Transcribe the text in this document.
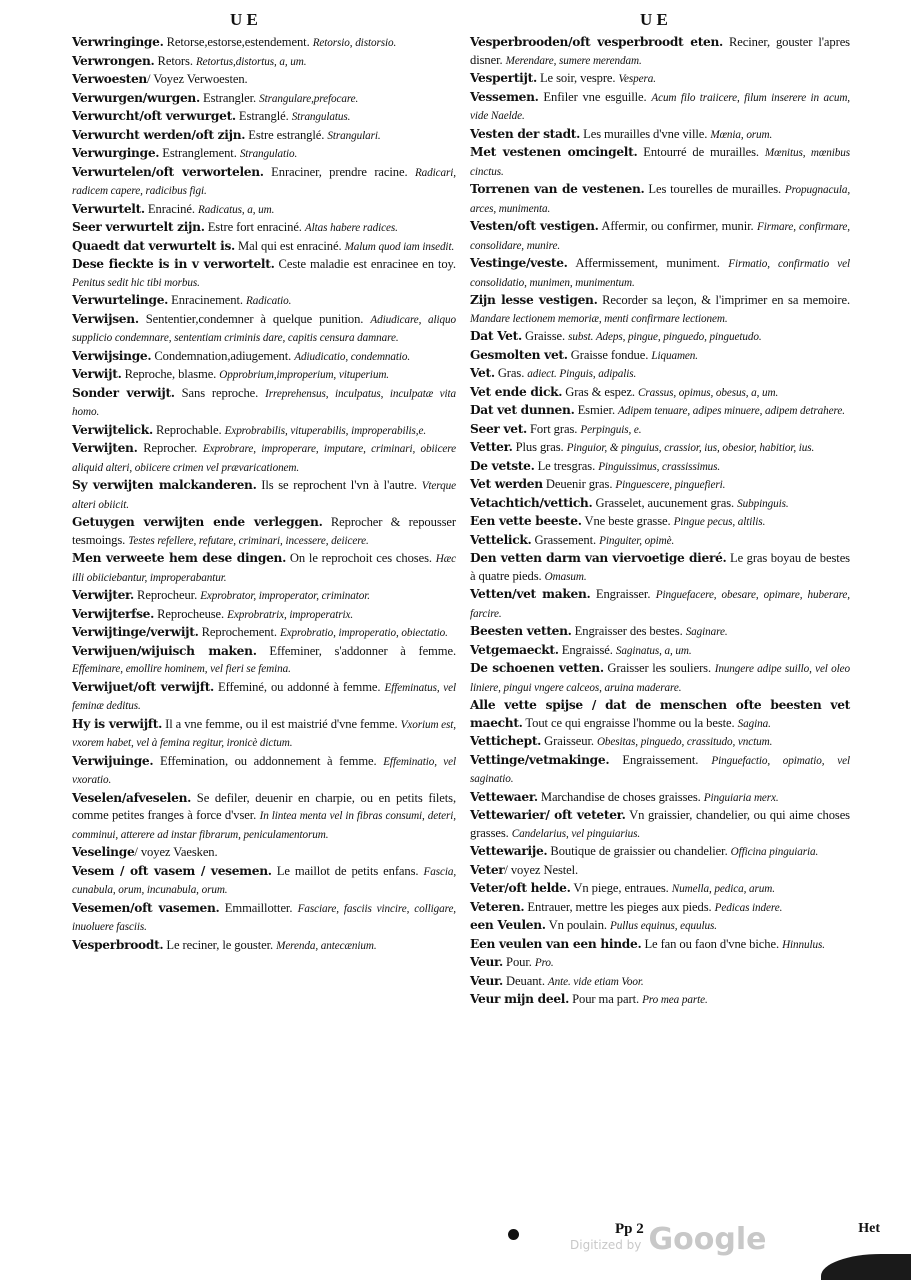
U E	U E

Verwringinge. Retorse,estorse,estendement. Retorsio, distorsio.

Verwrongen. Retors. Retortus,distortus, a, um.

Verwoesten/ Voyez Verwoesten.

Verwurgen/wurgen. Estrangler. Strangulare,prefocare.

Verwurcht/oft verwurget. Estranglé. Strangulatus.

Verwurcht werden/oft zijn. Estre estranglé. Strangulari.

Verwurginge. Estranglement. Strangulatio.

Verwurtelen/oft verwortelen. Enraciner, prendre racine. Radicari, radicem capere, radicibus figi.

Verwurtelt. Enraciné. Radicatus, a, um.

Seer verwurtelt zijn. Estre fort enraciné. Altas habere radices.

Quaedt dat verwurtelt is. Mal qui est enraciné. Malum quod iam insedit.

Dese fieckte is in v verwortelt. Ceste maladie est enracinee en toy. Penitus sedit hic tibi morbus.

Verwurtelinge. Enracinement. Radicatio.

Verwijsen. Sententier,condemner à quelque punition. Adiudicare, aliquo supplicio condemnare, sententiam criminis dare, capitis censura damnare.

Verwijsinge. Condemnation,adiugement. Adiudicatio, condemnatio.

Verwijt. Reproche, blasme. Opprobrium,improperium, vituperium.

Sonder verwijt. Sans reproche. Irreprehensus, inculpatus, inculpatæ vita homo.

Verwijtelick. Reprochable. Exprobrabilis, vituperabilis, improperabilis,e.

Verwijten. Reprocher. Exprobrare, improperare, imputare, criminari, obiicere aliquid alteri, obiicere crimen vel prævaricationem.

Sy verwijten malckanderen. Ils se reprochent l'vn à l'autre. Vterque alteri obiicit.

Getuygen verwijten ende verleggen. Reprocher & repousser tesmoings. Testes refellere, refutare, criminari, incessere, deiicere.

Men verweete hem dese dingen. On le reprochoit ces choses. Hæc illi obiiciebantur, improperabantur.

Verwijter. Reprocheur. Exprobrator, improperator, criminator.

Verwijterfse. Reprocheuse. Exprobratrix, improperatrix.

Verwijtinge/verwijt. Reprochement. Exprobratio, improperatio, obiectatio.

Verwijuen/wijuisch maken. Effeminer, s'addonner à femme. Effeminare, emollire hominem, vel fieri se femina.

Verwijuet/oft verwijft. Effeminé, ou addonné à femme. Effeminatus, vel feminæ deditus.

Hy is verwijft. Il a vne femme, ou il est maistrié d'vne femme. Vxorium est, vxorem habet, vel à femina regitur, ironicè dictum.

Verwijuinge. Effemination, ou addonnement à femme. Effeminatio, vel vxoratio.

Veselen/afveselen. Se defiler, deuenir en charpie, ou en petits filets, comme petites franges à force d'vser. In lintea menta vel in fibras consumi, deteri, comminui, atterere ad instar fibrarum, peniculamentorum.

Veselinge/ voyez Vaesken.

Vesem / oft vasem / vesemen. Le maillot de petits enfans. Fascia, cunabula, orum, incunabula, orum.

Vesemen/oft vasemen. Emmaillotter. Fasciare, fasciis vincire, colligare, inuoluere fasciis.

Vesperbroodt. Le reciner, le gouster. Merenda, antecænium.

Vesperbrooden/oft vesperbroodt eten. Reciner, gouster l'apres disner. Merendare, sumere merendam.

Vespertijt. Le soir, vespre. Vespera.

Vessemen. Enfiler vne esguille. Acum filo traiicere, filum inserere in acum, vide Naelde.

Vesten der stadt. Les murailles d'vne ville. Mœnia, orum.

Met vestenen omcingelt. Entourré de murailles. Mœnitus, mœnibus cinctus.

Torrenen van de vestenen. Les tourelles de murailles. Propugnacula, arces, munimenta.

Vesten/oft vestigen. Affermir, ou confirmer, munir. Firmare, confirmare, consolidare, munire.

Vestinge/veste. Affermissement, muniment. Firmatio, confirmatio vel consolidatio, munimen, munimentum.

Zijn lesse vestigen. Recorder sa leçon, & l'imprimer en sa memoire. Mandare lectionem memoriæ, menti confirmare lectionem.

Dat Vet. Graisse. subst. Adeps, pingue, pinguedo, pinguetudo.

Gesmolten vet. Graisse fondue. Liquamen.

Vet. Gras. adiect. Pinguis, adipalis.

Vet ende dick. Gras & espez. Crassus, opimus, obesus, a, um.

Dat vet dunnen. Esmier. Adipem tenuare, adipes minuere, adipem detrahere.

Seer vet. Fort gras. Perpinguis, e.

Vetter. Plus gras. Pinguior, & pinguius, crassior, ius, obesior, habitior, ius.

De vetste. Le tresgras. Pinguissimus, crassissimus.

Vet werden Deuenir gras. Pinguescere, pinguefieri.

Vetachtich/vettich. Grasselet, aucunement gras. Subpinguis.

Een vette beeste. Vne beste grasse. Pingue pecus, altilis.

Vettelick. Grassement. Pinguiter, opimè.

Den vetten darm van viervoetige dieré. Le gras boyau de bestes à quatre pieds. Omasum.

Vetten/vet maken. Engraisser. Pinguefacere, obesare, opimare, huberare, farcire.

Beesten vetten. Engraisser des bestes. Saginare.

Vetgemaeckt. Engraissé. Saginatus, a, um.

De schoenen vetten. Graisser les souliers. Inungere adipe suillo, vel oleo liniere, pingui vngere calceos, aruina maderare.

Alle vette spijse / dat de menschen ofte beesten vet maecht. Tout ce qui engraisse l'homme ou la beste. Sagina.

Vettichept. Graisseur. Obesitas, pinguedo, crassitudo, vnctum.

Vettinge/vetmakinge. Engraissement. Pinguefactio, opimatio, vel saginatio.

Vettewaer. Marchandise de choses graisses. Pinguiaria merx.

Vettewarier/ oft veteter. Vn graissier, chandelier, ou qui aime choses grasses. Candelarius, vel pinguiarius.

Vettewarije. Boutique de graissier ou chandelier. Officina pinguiaria.

Veter/ voyez Nestel.

Veter/oft helde. Vn piege, entraues. Numella, pedica, arum.

Veteren. Entrauer, mettre les pieges aux pieds. Pedicas indere.

een Veulen. Vn poulain. Pullus equinus, equulus.

Een veulen van een hinde. Le fan ou faon d'vne biche. Hinnulus.

Veur. Pour. Pro.

Veur. Deuant. Ante. vide etiam Voor.

Veur mijn deel. Pour ma part. Pro mea parte.

Pp 2	Het
Digitized by Google
